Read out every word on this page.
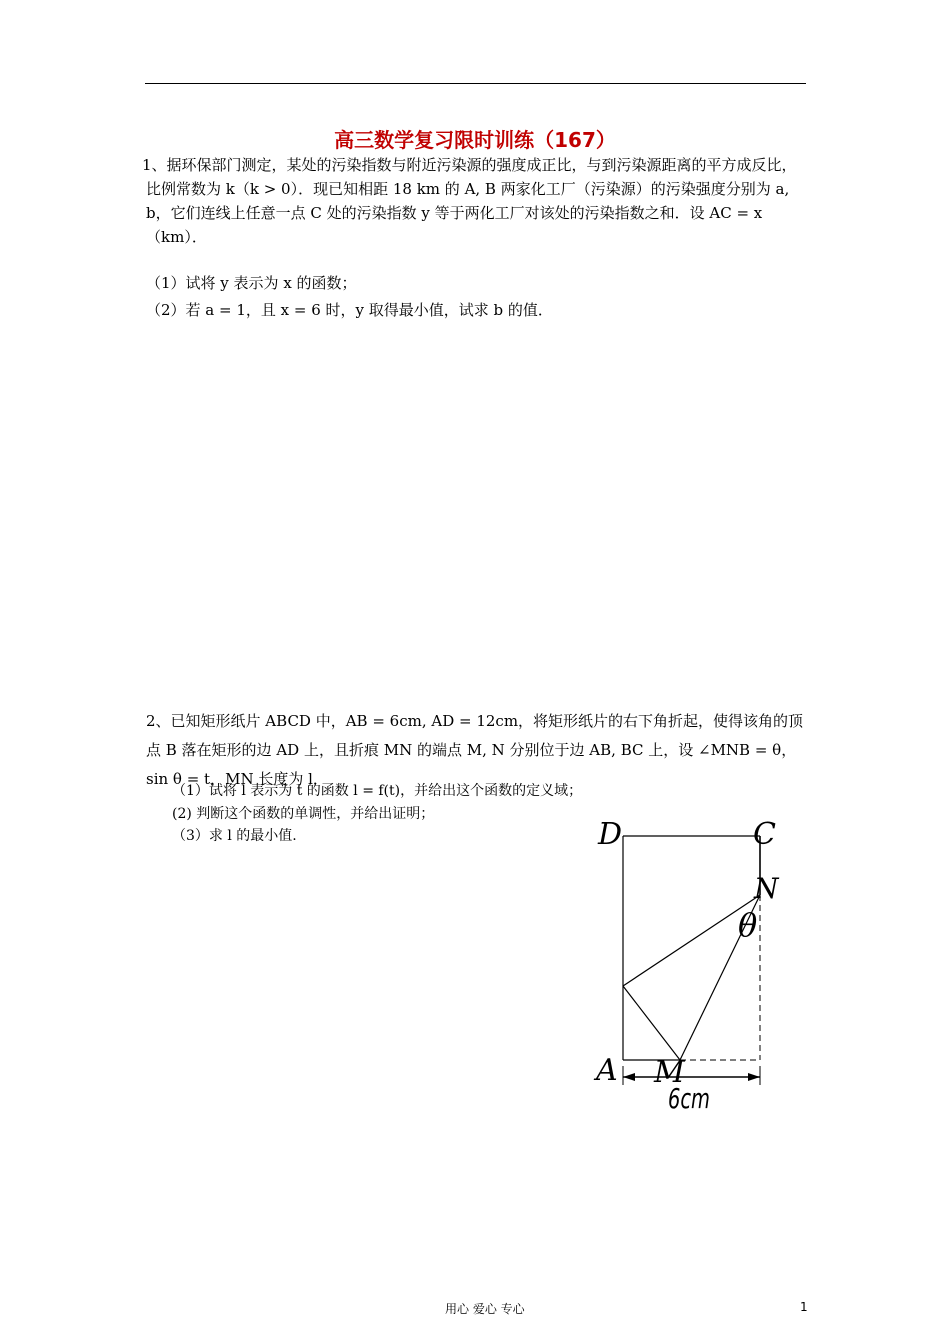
高三数学复习限时训练（167）
1、据环保部门测定，某处的污染指数与附近污染源的强度成正比，与到污染源距离的平方成反比，比例常数为 k（k > 0）．现已知相距 18 km 的 A, B 两家化工厂（污染源）的污染强度分别为 a, b，它们连线上任意一点 C 处的污染指数 y 等于两化工厂对该处的污染指数之和．设 AC = x（km）．
（1）试将 y 表示为 x 的函数；
（2）若 a = 1，且 x = 6 时，y 取得最小值，试求 b 的值．
2、已知矩形纸片 ABCD 中，AB = 6cm, AD = 12cm，将矩形纸片的右下角折起，使得该角的顶点 B 落在矩形的边 AD 上，且折痕 MN 的端点 M, N 分别位于边 AB, BC 上，设 ∠MNB = θ，sin θ = t，MN 长度为 l．
（1）试将 l 表示为 t 的函数 l = f(t)，并给出这个函数的定义域；
(2) 判断这个函数的单调性，并给出证明；
（3）求 l 的最小值.	D	C
N
θ
A M
6cm
用心 爱心 专心	1
